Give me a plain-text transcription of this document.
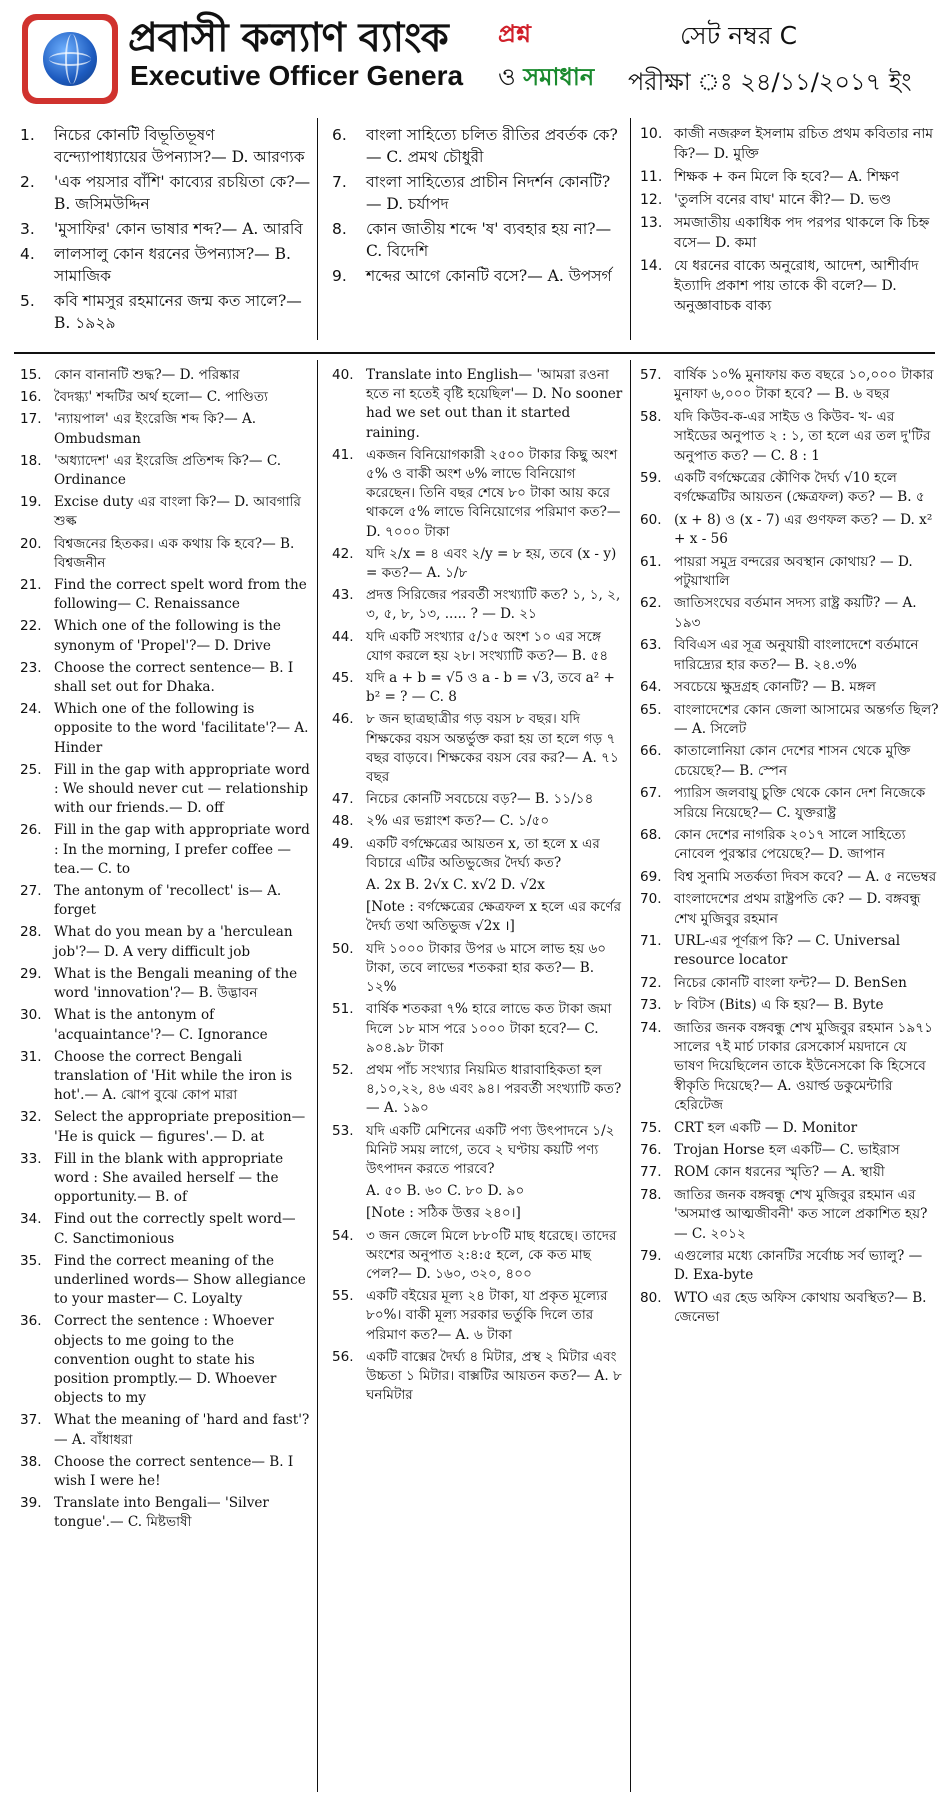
প্রবাসী কল্যাণ ব্যাংক প্রশ্ন
ও সমাধান
সেট নম্বর C
Executive Officer Genera	পরীক্ষা ঃ ২৪/১১/২০১৭ ইং
1.	নিচের কোনটি বিভূতিভূষণ বন্দ্যোপাধ্যায়ের উপন্যাস?— D. আরণ্যক
2.	'এক পয়সার বাঁশি' কাব্যের রচয়িতা কে?— B. জসিমউদ্দিন
3.	'মুসাফির' কোন ভাষার শব্দ?— A. আরবি
4.	লালসালু কোন ধরনের উপন্যাস?— B. সামাজিক
5.	কবি শামসুর রহমানের জন্ম কত সালে?— B. ১৯২৯
6.	বাংলা সাহিত্যে চলিত রীতির প্রবর্তক কে?— C. প্রমথ চৌধুরী
7.	বাংলা সাহিত্যের প্রাচীন নিদর্শন কোনটি?— D. চর্যাপদ
8.	কোন জাতীয় শব্দে 'ষ' ব্যবহার হয় না?— C. বিদেশি
9.	শব্দের আগে কোনটি বসে?— A. উপসর্গ
10. কাজী নজরুল ইসলাম রচিত প্রথম কবিতার নাম কি?— D. মুক্তি
11. শিক্ষক + কন মিলে কি হবে?— A. শিক্ষণ
12. 'তুলসি বনের বাঘ' মানে কী?— D. ভণ্ড
13. সমজাতীয় একাধিক পদ পরপর থাকলে কি চিহ্ন বসে— D. কমা
14. যে ধরনের বাক্যে অনুরোধ, আদেশ, আশীর্বাদ ইত্যাদি প্রকাশ পায় তাকে কী বলে?— D. অনুজ্ঞাবাচক বাক্য
15. কোন বানানটি শুদ্ধ?— D. পরিষ্কার
16. বৈদগ্ধ্য' শব্দটির অর্থ হলো— C. পাণ্ডিত্য
17. 'ন্যায়পাল' এর ইংরেজি শব্দ কি?— A. Ombudsman
18. 'অধ্যাদেশ' এর ইংরেজি প্রতিশব্দ কি?— C. Ordinance
19. Excise duty এর বাংলা কি?— D. আবগারি শুল্ক
20. বিশ্বজনের হিতকর। এক কথায় কি হবে?— B. বিশ্বজনীন
21. Find the correct spelt word from the following— C. Renaissance
22. Which one of the following is the synonym of 'Propel'?— D. Drive
23. Choose the correct sentence— B. I shall set out for Dhaka.
24. Which one of the following is opposite to the word 'facilitate'?— A. Hinder
25. Fill in the gap with appropriate word : We should never cut — relationship with our friends.— D. off
26. Fill in the gap with appropriate word : In the morning, I prefer coffee — tea.— C. to
27. The antonym of 'recollect' is— A. forget
28. What do you mean by a 'herculean job'?— D. A very difficult job
29. What is the Bengali meaning of the word 'innovation'?— B. উদ্ভাবন
30. What is the antonym of 'acquaintance'?— C. Ignorance
31. Choose the correct Bengali translation of 'Hit while the iron is hot'.— A. ঝোপ বুঝে কোপ মারা
32. Select the appropriate preposition— 'He is quick — figures'.— D. at
33. Fill in the blank with appropriate word : She availed herself — the opportunity.— B. of
34. Find out the correctly spelt word— C. Sanctimonious
35. Find the correct meaning of the underlined words— Show allegiance to your master— C. Loyalty
36. Correct the sentence : Whoever objects to me going to the convention ought to state his position promptly.— D. Whoever objects to my
37. What the meaning of 'hard and fast'?— A. বাঁধাধরা
38. Choose the correct sentence— B. I wish I were he!
39. Translate into Bengali— 'Silver tongue'.— C. মিষ্টভাষী
40. Translate into English— 'আমরা রওনা হতে না হতেই বৃষ্টি হয়েছিল'— D. No sooner had we set out than it started raining.
41. একজন বিনিয়োগকারী ২৫০০ টাকার কিছু অংশ ৫% ও বাকী অংশ ৬% লাভে বিনিয়োগ করেছেন। তিনি বছর শেষে ৮০ টাকা আয় করে থাকলে ৫% লাভে বিনিয়োগের পরিমাণ কত?— D. ৭০০০ টাকা
42. যদি ২/x = ৪ এবং ২/y = ৮ হয়, তবে (x - y) = কত?— A. ১/৮
43. প্রদত্ত সিরিজের পরবর্তী সংখ্যাটি কত? ১, ১, ২, ৩, ৫, ৮, ১৩, ..... ? — D. ২১
44. যদি একটি সংখ্যার ৫/১৫ অংশ ১০ এর সঙ্গে যোগ করলে হয় ২৮। সংখ্যাটি কত?— B. ৫৪
45. যদি a + b = √5 ও a - b = √3, তবে a² + b² = ? — C. 8
46. ৮ জন ছাত্রছাত্রীর গড় বয়স ৮ বছর। যদি শিক্ষকের বয়স অন্তর্ভুক্ত করা হয় তা হলে গড় ৭ বছর বাড়বে। শিক্ষকের বয়স বের কর?— A. ৭১ বছর
47. নিচের কোনটি সবচেয়ে বড়?— B. ১১/১৪
48. ২% এর ভগ্নাংশ কত?— C. ১/৫০
49. একটি বর্গক্ষেত্রের আয়তন x, তা হলে x এর বিচারে এটির অতিভুজের দৈর্ঘ্য কত?
A. 2x B. 2√x C. x√2 D. √2x
[Note : বর্গক্ষেত্রের ক্ষেত্রফল x হলে এর কর্ণের দৈর্ঘ্য তথা অতিভুজ √2x ।]
50. যদি ১০০০ টাকার উপর ৬ মাসে লাভ হয় ৬০ টাকা, তবে লাভের শতকরা হার কত?— B. ১২%
51. বার্ষিক শতকরা ৭% হারে লাভে কত টাকা জমা দিলে ১৮ মাস পরে ১০০০ টাকা হবে?— C. ৯০৪.৯৮ টাকা
52. প্রথম পাঁচ সংখ্যার নিয়মিত ধারাবাহিকতা হল ৪,১০,২২, ৪৬ এবং ৯৪। পরবর্তী সংখ্যাটি কত?— A. ১৯০
53. যদি একটি মেশিনের একটি পণ্য উৎপাদনে ১/২ মিনিট সময় লাগে, তবে ২ ঘণ্টায় কয়টি পণ্য উৎপাদন করতে পারবে?
A. ৫০ B. ৬০ C. ৮০ D. ৯০
[Note : সঠিক উত্তর ২৪০।]
54. ৩ জন জেলে মিলে ৮৮০টি মাছ ধরেছে। তাদের অংশের অনুপাত ২:৪:৫ হলে, কে কত মাছ পেল?— D. ১৬০, ৩২০, ৪০০
55. একটি বইয়ের মূল্য ২৪ টাকা, যা প্রকৃত মূল্যের ৮০%। বাকী মূল্য সরকার ভর্তুকি দিলে তার পরিমাণ কত?— A. ৬ টাকা
56. একটি বাক্সের দৈর্ঘ্য ৪ মিটার, প্রস্থ ২ মিটার এবং উচ্চতা ১ মিটার। বাক্সটির আয়তন কত?— A. ৮ ঘনমিটার
57. বার্ষিক ১০% মুনাফায় কত বছরে ১০,০০০ টাকার মুনাফা ৬,০০০ টাকা হবে? — B. ৬ বছর
58. যদি কিউব-ক-এর সাইড ও কিউব- খ- এর সাইডের অনুপাত ২ : ১, তা হলে এর তল দু'টির অনুপাত কত? — C. 8 : 1
59. একটি বর্গক্ষেত্রের কৌণিক দৈর্ঘ্য √10 হলে বর্গক্ষেত্রটির আয়তন (ক্ষেত্রফল) কত? — B. ৫
60. (x + 8) ও (x - 7) এর গুণফল কত? — D. x² + x - 56
61. পায়রা সমুদ্র বন্দরের অবস্থান কোথায়? — D. পটুয়াখালি
62. জাতিসংঘের বর্তমান সদস্য রাষ্ট্র কয়টি? — A. ১৯৩
63. বিবিএস এর সূত্র অনুযায়ী বাংলাদেশে বর্তমানে দারিদ্র্যের হার কত?— B. ২৪.৩%
64. সবচেয়ে ক্ষুদ্রগ্রহ কোনটি? — B. মঙ্গল
65. বাংলাদেশের কোন জেলা আসামের অন্তর্গত ছিল?— A. সিলেট
66. কাতালোনিয়া কোন দেশের শাসন থেকে মুক্তি চেয়েছে?— B. স্পেন
67. প্যারিস জলবায়ু চুক্তি থেকে কোন দেশ নিজেকে সরিয়ে নিয়েছে?— C. যুক্তরাষ্ট্র
68. কোন দেশের নাগরিক ২০১৭ সালে সাহিত্যে নোবেল পুরস্কার পেয়েছে?— D. জাপান
69. বিশ্ব সুনামি সতর্কতা দিবস কবে? — A. ৫ নভেম্বর
70. বাংলাদেশের প্রথম রাষ্ট্রপতি কে? — D. বঙ্গবন্ধু শেখ মুজিবুর রহমান
71. URL-এর পূর্ণরূপ কি? — C. Universal resource locator
72. নিচের কোনটি বাংলা ফন্ট?— D. BenSen
73. ৮ বিটস (Bits) এ কি হয়?— B. Byte
74. জাতির জনক বঙ্গবন্ধু শেখ মুজিবুর রহমান ১৯৭১ সালের ৭ই মার্চ ঢাকার রেসকোর্স ময়দানে যে ভাষণ দিয়েছিলেন তাকে ইউনেসকো কি হিসেবে স্বীকৃতি দিয়েছে?— A. ওয়ার্ল্ড ডকুমেন্টারি হেরিটেজ
75. CRT হল একটি — D. Monitor
76. Trojan Horse হল একটি— C. ভাইরাস
77. ROM কোন ধরনের স্মৃতি? — A. স্থায়ী
78. জাতির জনক বঙ্গবন্ধু শেখ মুজিবুর রহমান এর 'অসমাপ্ত আত্মজীবনী' কত সালে প্রকাশিত হয়? — C. ২০১২
79. এগুলোর মধ্যে কোনটির সর্বোচ্চ সর্ব ভ্যালু? — D. Exa-byte
80. WTO এর হেড অফিস কোথায় অবস্থিত?— B. জেনেভা
